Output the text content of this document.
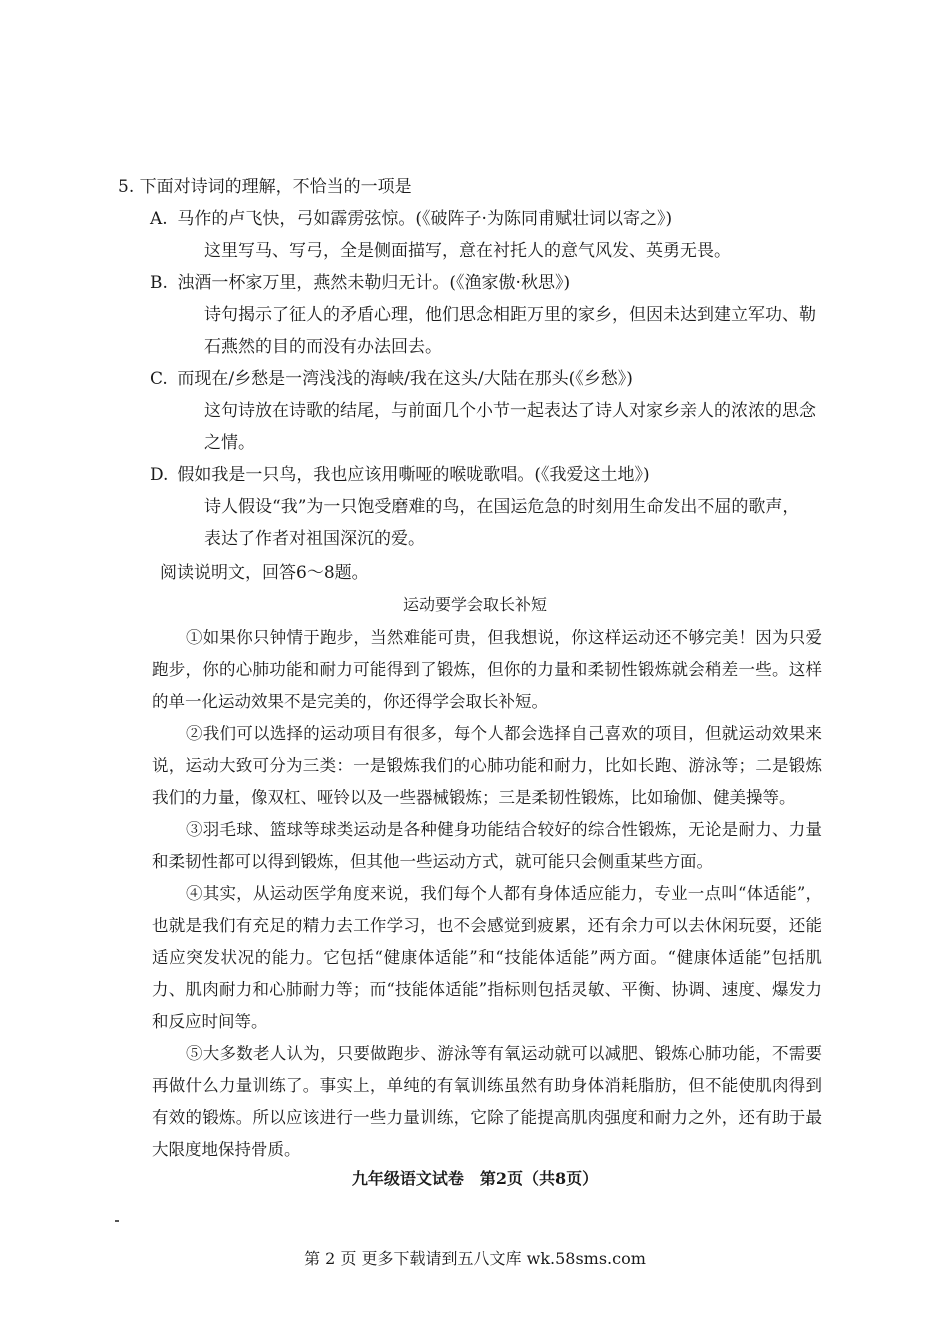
5. 下面对诗词的理解，不恰当的一项是
A. 马作的卢飞快，弓如霹雳弦惊。(《破阵子·为陈同甫赋壮词以寄之》)
这里写马、写弓，全是侧面描写，意在衬托人的意气风发、英勇无畏。
B. 浊酒一杯家万里，燕然未勒归无计。(《渔家傲·秋思》)
诗句揭示了征人的矛盾心理，他们思念相距万里的家乡，但因未达到建立军功、勒
石燕然的目的而没有办法回去。
C. 而现在/乡愁是一湾浅浅的海峡/我在这头/大陆在那头(《乡愁》)
这句诗放在诗歌的结尾，与前面几个小节一起表达了诗人对家乡亲人的浓浓的思念
之情。
D. 假如我是一只鸟，我也应该用嘶哑的喉咙歌唱。(《我爱这土地》)
诗人假设“我”为一只饱受磨难的鸟，在国运危急的时刻用生命发出不屈的歌声，
表达了作者对祖国深沉的爱。
阅读说明文，回答6～8题。
运动要学会取长补短
①如果你只钟情于跑步，当然难能可贵，但我想说，你这样运动还不够完美！因为只爱跑步，你的心肺功能和耐力可能得到了锻炼，但你的力量和柔韧性锻炼就会稍差一些。这样的单一化运动效果不是完美的，你还得学会取长补短。
②我们可以选择的运动项目有很多，每个人都会选择自己喜欢的项目，但就运动效果来说，运动大致可分为三类：一是锻炼我们的心肺功能和耐力，比如长跑、游泳等；二是锻炼我们的力量，像双杠、哑铃以及一些器械锻炼；三是柔韧性锻炼，比如瑜伽、健美操等。
③羽毛球、篮球等球类运动是各种健身功能结合较好的综合性锻炼，无论是耐力、力量和柔韧性都可以得到锻炼，但其他一些运动方式，就可能只会侧重某些方面。
④其实，从运动医学角度来说，我们每个人都有身体适应能力，专业一点叫“体适能”，也就是我们有充足的精力去工作学习，也不会感觉到疲累，还有余力可以去休闲玩耍，还能适应突发状况的能力。它包括“健康体适能”和“技能体适能”两方面。“健康体适能”包括肌力、肌肉耐力和心肺耐力等；而“技能体适能”指标则包括灵敏、平衡、协调、速度、爆发力和反应时间等。
⑤大多数老人认为，只要做跑步、游泳等有氧运动就可以减肥、锻炼心肺功能，不需要再做什么力量训练了。事实上，单纯的有氧训练虽然有助身体消耗脂肪，但不能使肌肉得到有效的锻炼。所以应该进行一些力量训练，它除了能提高肌肉强度和耐力之外，还有助于最大限度地保持骨质。
九年级语文试卷　第2页（共8页）
第 2 页 更多下载请到五八文库 wk.58sms.com
